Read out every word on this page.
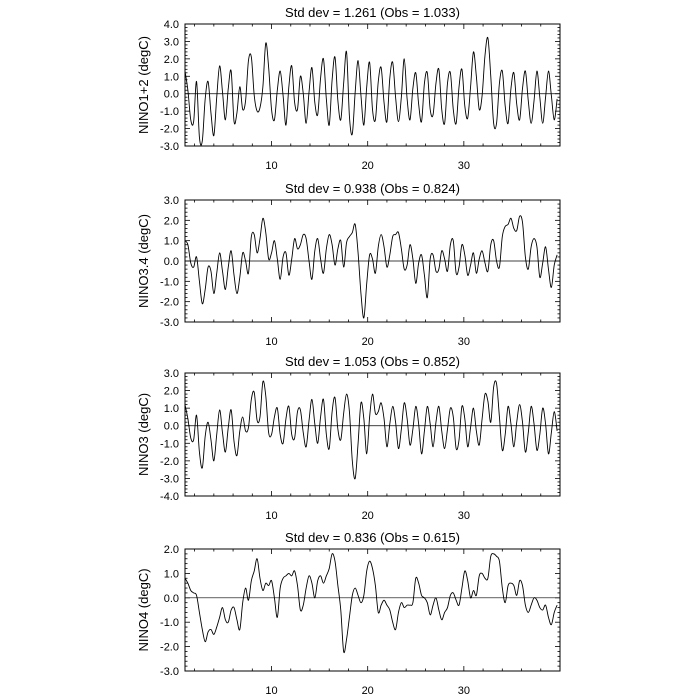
Std dev = 1.261 (Obs = 1.033)
-3.0
-2.0
-1.0
0.0
1.0
2.0
3.0
4.0
10	20	30
NINO1+2 (degC)
Std dev = 0.938 (Obs = 0.824)
-3.0
-2.0
-1.0
0.0
1.0
2.0
3.0
10	20	30
NINO3.4 (degC)
Std dev = 1.053 (Obs = 0.852)
-4.0
-3.0
-2.0
-1.0
0.0
1.0
2.0
3.0
10	20	30
NINO3 (degC)
Std dev = 0.836 (Obs = 0.615)
-3.0
-2.0
-1.0
0.0
1.0
2.0
10	20	30
NINO4 (degC)
